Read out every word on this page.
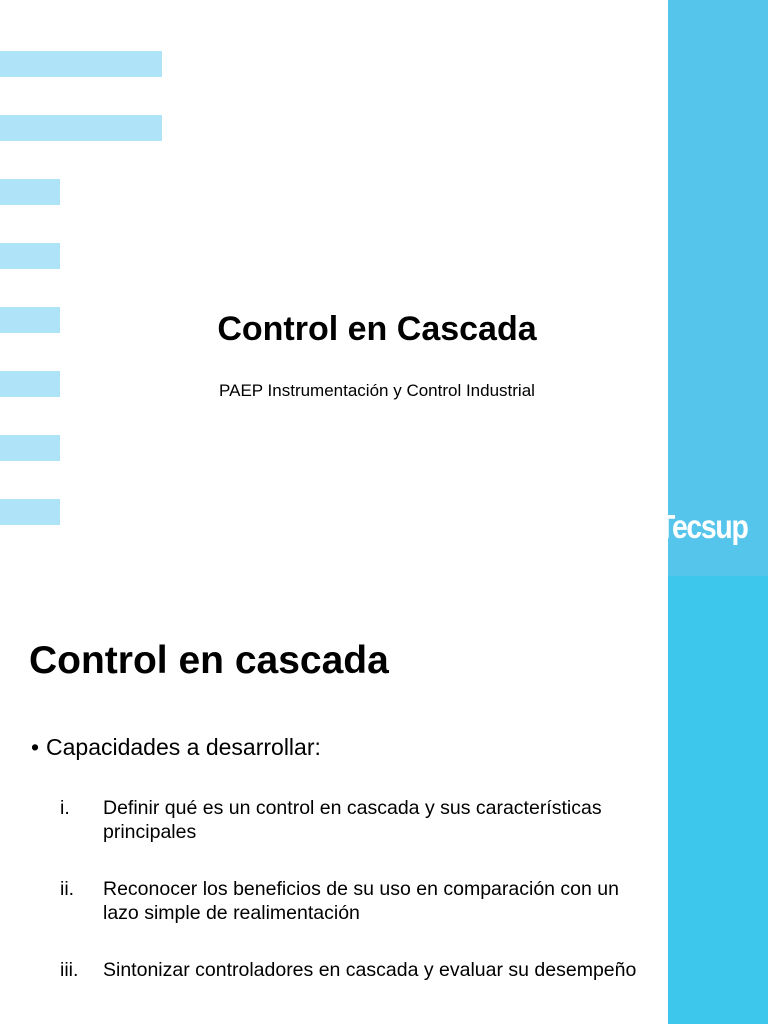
Tecsup
Control en Cascada

PAEP Instrumentación y Control Industrial

Control en cascada
• Capacidades a desarrollar:
i.	Definir qué es un control en cascada y sus características principales
ii.	Reconocer los beneficios de su uso en comparación con un lazo simple de realimentación
iii.	Sintonizar controladores en cascada y evaluar su desempeño
